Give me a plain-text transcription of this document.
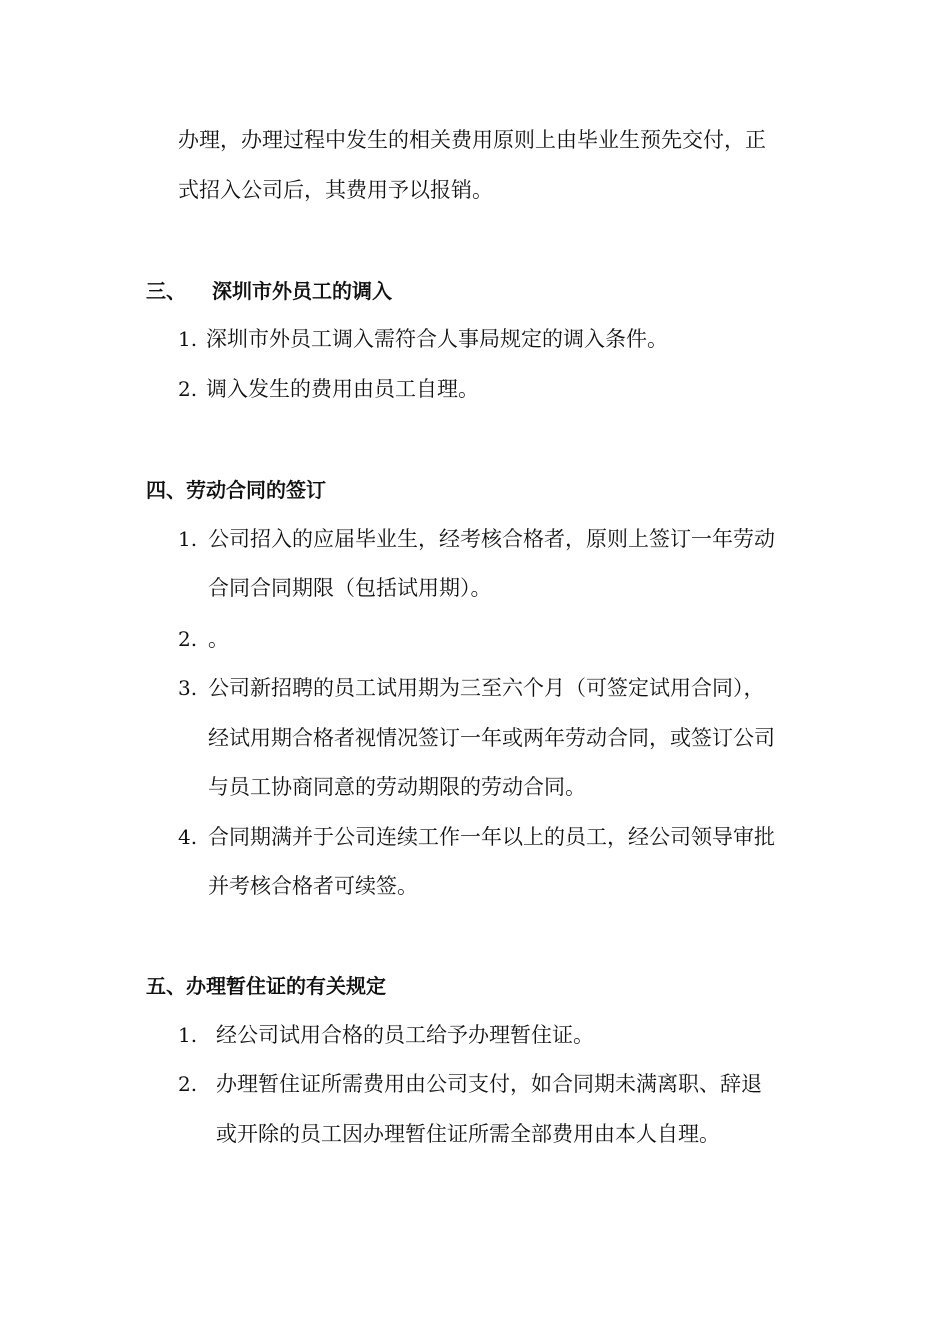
办理，办理过程中发生的相关费用原则上由毕业生预先交付，正
式招入公司后，其费用予以报销。
三、 深圳市外员工的调入
1. 深圳市外员工调入需符合人事局规定的调入条件。
2. 调入发生的费用由员工自理。
四、劳动合同的签订
1. 公司招入的应届毕业生，经考核合格者，原则上签订一年劳动
合同合同期限（包括试用期）。
2. 。
3. 公司新招聘的员工试用期为三至六个月（可签定试用合同），
经试用期合格者视情况签订一年或两年劳动合同，或签订公司
与员工协商同意的劳动期限的劳动合同。
4. 合同期满并于公司连续工作一年以上的员工，经公司领导审批
并考核合格者可续签。
五、办理暂住证的有关规定
1. 经公司试用合格的员工给予办理暂住证。
2. 办理暂住证所需费用由公司支付，如合同期未满离职、辞退
或开除的员工因办理暂住证所需全部费用由本人自理。
